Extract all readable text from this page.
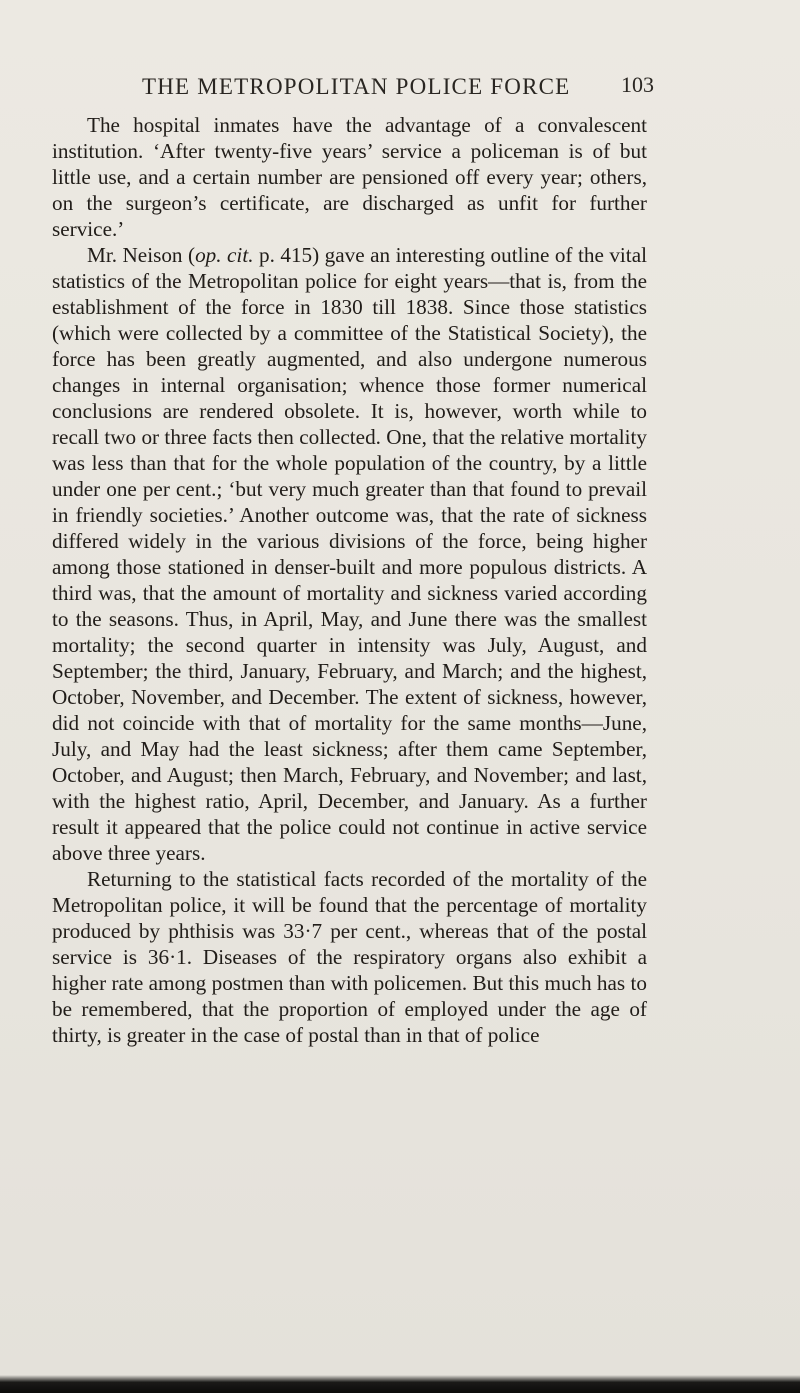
THE METROPOLITAN POLICE FORCE 103

The hospital inmates have the advantage of a convalescent institution. ‘After twenty-five years’ service a policeman is of but little use, and a certain number are pensioned off every year; others, on the surgeon’s certificate, are discharged as unfit for further service.’

Mr. Neison (op. cit. p. 415) gave an interesting outline of the vital statistics of the Metropolitan police for eight years—that is, from the establishment of the force in 1830 till 1838. Since those statistics (which were collected by a committee of the Statistical Society), the force has been greatly augmented, and also undergone numerous changes in internal organisation; whence those former numerical conclusions are rendered obsolete. It is, however, worth while to recall two or three facts then collected. One, that the relative mortality was less than that for the whole population of the country, by a little under one per cent.; ‘but very much greater than that found to prevail in friendly societies.’ Another outcome was, that the rate of sickness differed widely in the various divisions of the force, being higher among those stationed in denser-built and more populous districts. A third was, that the amount of mortality and sickness varied according to the seasons. Thus, in April, May, and June there was the smallest mortality; the second quarter in intensity was July, August, and September; the third, January, February, and March; and the highest, October, November, and December. The extent of sickness, however, did not coincide with that of mortality for the same months—June, July, and May had the least sickness; after them came September, October, and August; then March, February, and November; and last, with the highest ratio, April, December, and January. As a further result it appeared that the police could not continue in active service above three years.

Returning to the statistical facts recorded of the mortality of the Metropolitan police, it will be found that the percentage of mortality produced by phthisis was 33·7 per cent., whereas that of the postal service is 36·1. Diseases of the respiratory organs also exhibit a higher rate among postmen than with policemen. But this much has to be remembered, that the proportion of employed under the age of thirty, is greater in the case of postal than in that of police
